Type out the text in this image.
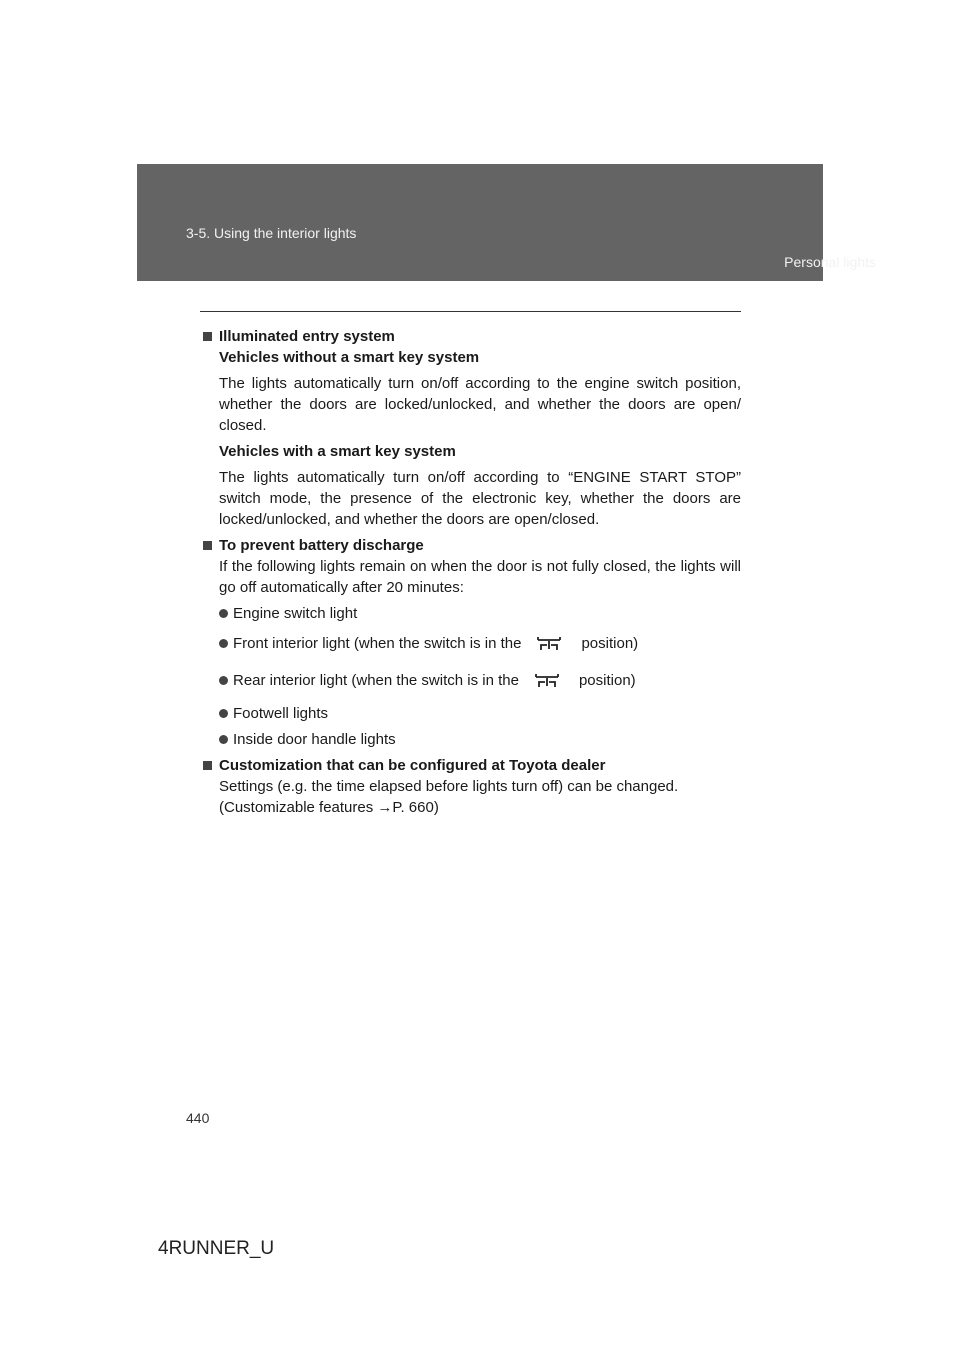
3-5. Using the interior lights
Personal lights

Illuminated entry system

Vehicles without a smart key system

The lights automatically turn on/off according to the engine switch position, whether the doors are locked/unlocked, and whether the doors are open/ closed.

Vehicles with a smart key system

The lights automatically turn on/off according to “ENGINE START STOP” switch mode, the presence of the electronic key, whether the doors are locked/unlocked, and whether the doors are open/closed.

To prevent battery discharge

If the following lights remain on when the door is not fully closed, the lights will go off automatically after 20 minutes:

Engine switch light
Front interior light (when the switch is in the	position)
Rear interior light (when the switch is in the	position)
Footwell lights
Inside door handle lights

Customization that can be configured at Toyota dealer

Settings (e.g. the time elapsed before lights turn off) can be changed.

(Customizable features →P. 660)

440
4RUNNER_U
